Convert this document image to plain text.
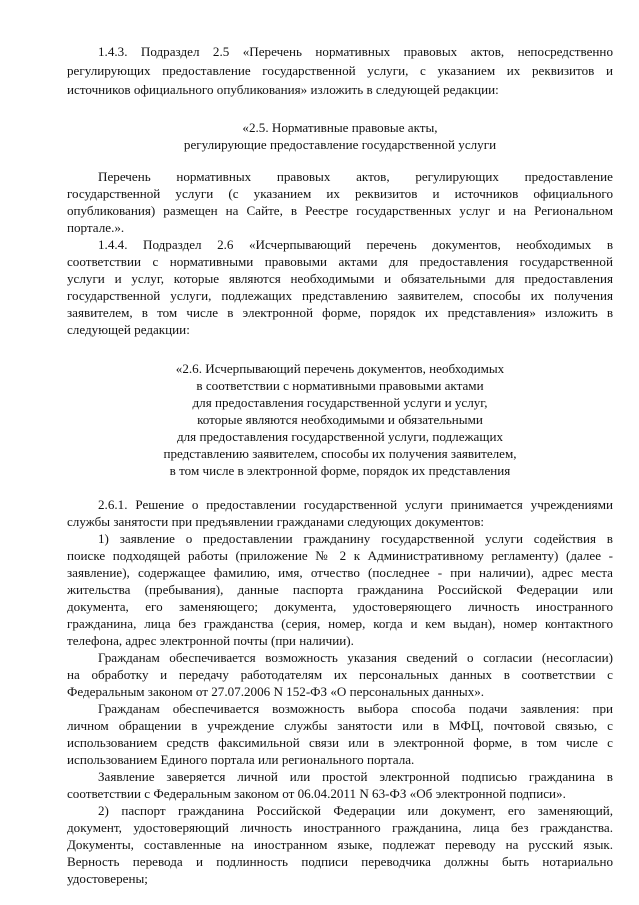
1.4.3. Подраздел 2.5 «Перечень нормативных правовых актов, непосредственно
регулирующих предоставление государственной услуги, с указанием их реквизитов и
источников официального опубликования» изложить в следующей редакции:
«2.5. Нормативные правовые акты,
регулирующие предоставление государственной услуги
Перечень нормативных правовых актов, регулирующих предоставление
государственной услуги (с указанием их реквизитов и источников официального
опубликования) размещен на Сайте, в Реестре государственных услуг и на Региональном
портале.».
1.4.4. Подраздел 2.6 «Исчерпывающий перечень документов, необходимых в
соответствии с нормативными правовыми актами для предоставления государственной
услуги и услуг, которые являются необходимыми и обязательными для предоставления
государственной услуги, подлежащих представлению заявителем, способы их получения
заявителем, в том числе в электронной форме, порядок их представления» изложить в
следующей редакции:
«2.6. Исчерпывающий перечень документов, необходимых
в соответствии с нормативными правовыми актами
для предоставления государственной услуги и услуг,
которые являются необходимыми и обязательными
для предоставления государственной услуги, подлежащих
представлению заявителем, способы их получения заявителем,
в том числе в электронной форме, порядок их представления
2.6.1. Решение о предоставлении государственной услуги принимается учреждениями
службы занятости при предъявлении гражданами следующих документов:
1) заявление о предоставлении гражданину государственной услуги содействия в
поиске подходящей работы (приложение № 2 к Административному регламенту) (далее -
заявление), содержащее фамилию, имя, отчество (последнее - при наличии), адрес места
жительства (пребывания), данные паспорта гражданина Российской Федерации или
документа, его заменяющего; документа, удостоверяющего личность иностранного
гражданина, лица без гражданства (серия, номер, когда и кем выдан), номер контактного
телефона, адрес электронной почты (при наличии).
Гражданам обеспечивается возможность указания сведений о согласии (несогласии)
на обработку и передачу работодателям их персональных данных в соответствии с
Федеральным законом от 27.07.2006 N 152-ФЗ «О персональных данных».
Гражданам обеспечивается возможность выбора способа подачи заявления: при
личном обращении в учреждение службы занятости или в МФЦ, почтовой связью, с
использованием средств факсимильной связи или в электронной форме, в том числе с
использованием Единого портала или регионального портала.
Заявление заверяется личной или простой электронной подписью гражданина в
соответствии с Федеральным законом от 06.04.2011 N 63-ФЗ «Об электронной подписи».
2) паспорт гражданина Российской Федерации или документ, его заменяющий,
документ, удостоверяющий личность иностранного гражданина, лица без гражданства.
Документы, составленные на иностранном языке, подлежат переводу на русский язык.
Верность перевода и подлинность подписи переводчика должны быть нотариально
удостоверены;
